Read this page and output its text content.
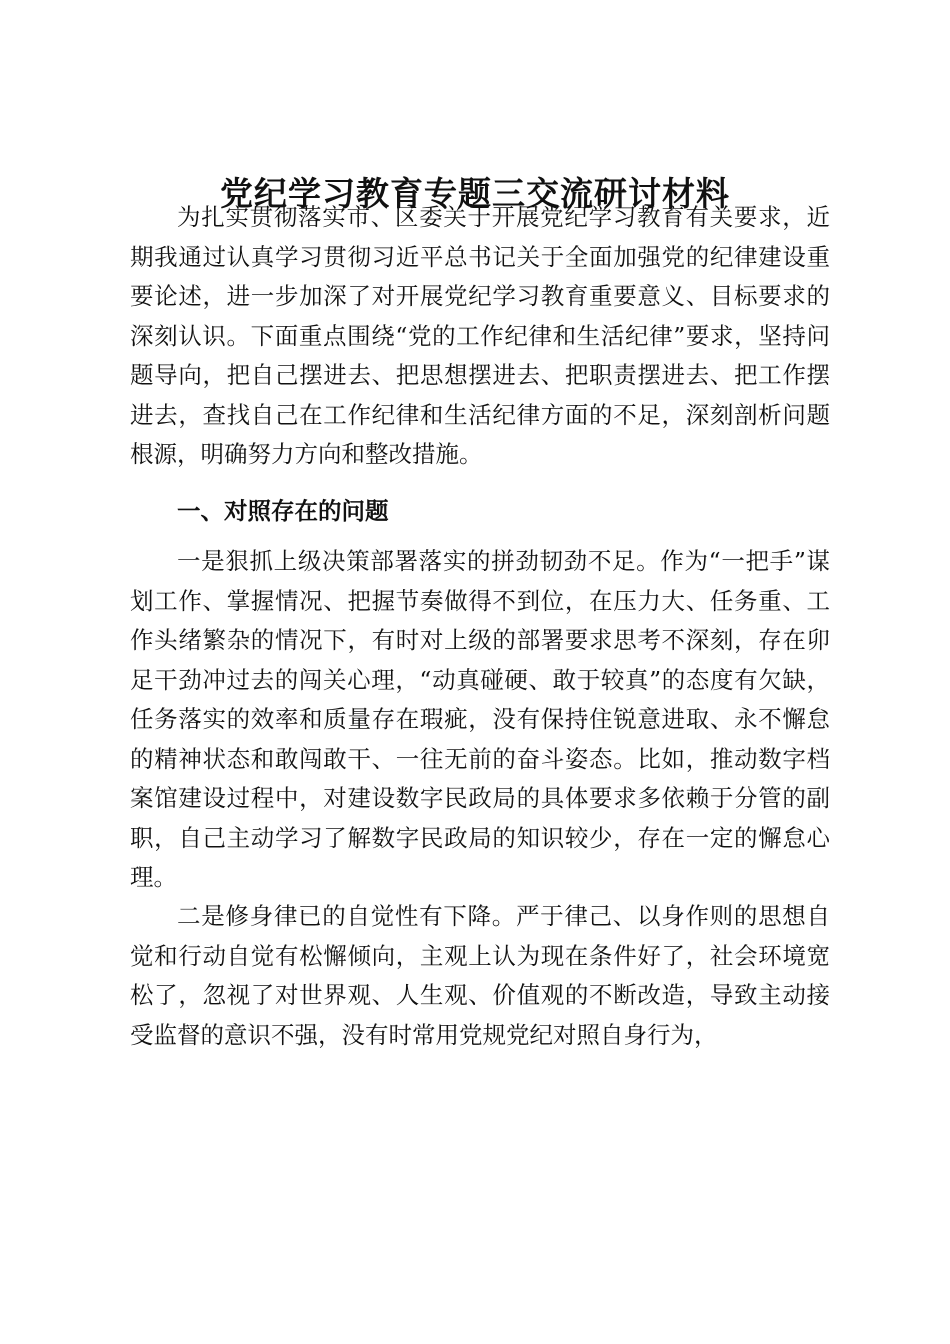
党纪学习教育专题三交流研讨材料

为扎实贯彻落实市、区委关于开展党纪学习教育有关要求，近期我通过认真学习贯彻习近平总书记关于全面加强党的纪律建设重要论述，进一步加深了对开展党纪学习教育重要意义、目标要求的深刻认识。下面重点围绕“党的工作纪律和生活纪律”要求，坚持问题导向，把自己摆进去、把思想摆进去、把职责摆进去、把工作摆进去，查找自己在工作纪律和生活纪律方面的不足，深刻剖析问题根源，明确努力方向和整改措施。

一、对照存在的问题

一是狠抓上级决策部署落实的拼劲韧劲不足。作为“一把手”谋划工作、掌握情况、把握节奏做得不到位，在压力大、任务重、工作头绪繁杂的情况下，有时对上级的部署要求思考不深刻，存在卯足干劲冲过去的闯关心理，“动真碰硬、敢于较真”的态度有欠缺，任务落实的效率和质量存在瑕疵，没有保持住锐意进取、永不懈怠的精神状态和敢闯敢干、一往无前的奋斗姿态。比如，推动数字档案馆建设过程中，对建设数字民政局的具体要求多依赖于分管的副职，自己主动学习了解数字民政局的知识较少，存在一定的懈怠心理。

二是修身律已的自觉性有下降。严于律己、以身作则的思想自觉和行动自觉有松懈倾向，主观上认为现在条件好了，社会环境宽松了，忽视了对世界观、人生观、价值观的不断改造，导致主动接受监督的意识不强，没有时常用党规党纪对照自身行为，
